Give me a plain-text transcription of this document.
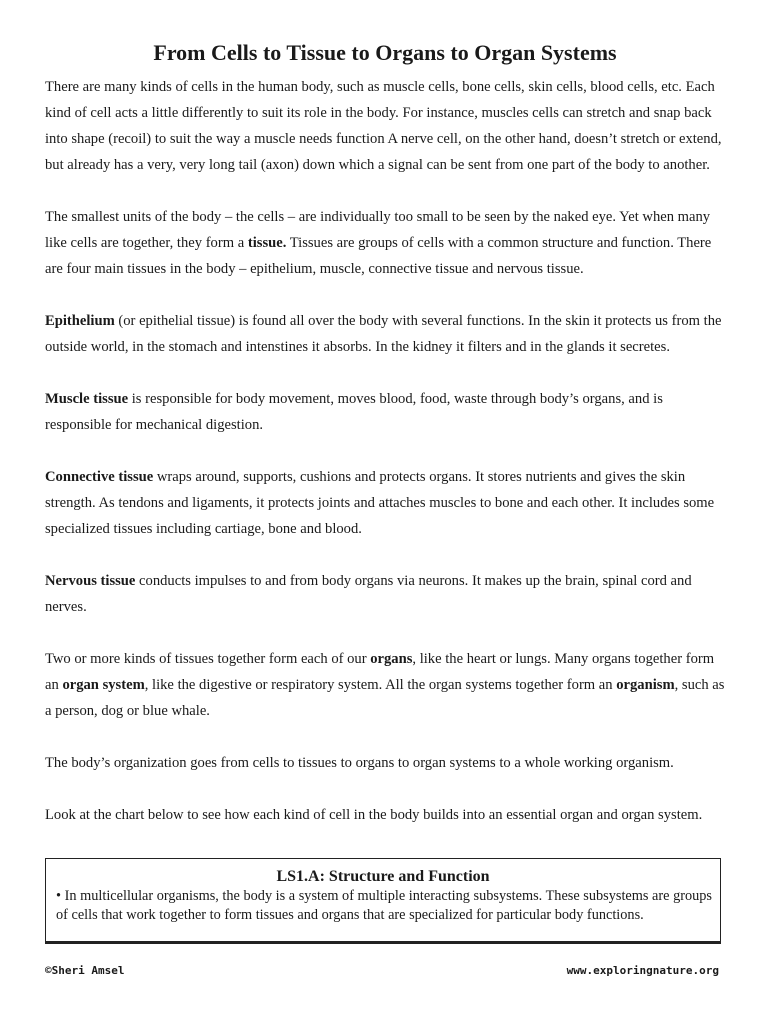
From Cells to Tissue to Organs to Organ Systems

There are many kinds of cells in the human body, such as muscle cells, bone cells, skin cells, blood cells, etc. Each kind of cell acts a little differently to suit its role in the body. For instance, muscles cells can stretch and snap back into shape (recoil) to suit the way a muscle needs function A nerve cell, on the other hand, doesn’t stretch or extend, but already has a very, very long tail (axon) down which a signal can be sent from one part of the body to another.

The smallest units of the body – the cells – are individually too small to be seen by the naked eye. Yet when many like cells are together, they form a tissue. Tissues are groups of cells with a common structure and function. There are four main tissues in the body – epithelium, muscle, connective tissue and nervous tissue.

Epithelium (or epithelial tissue) is found all over the body with several functions. In the skin it protects us from the outside world, in the stomach and intenstines it absorbs. In the kidney it filters and in the glands it secretes.

Muscle tissue is responsible for body movement, moves blood, food, waste through body’s organs, and is responsible for mechanical digestion.

Connective tissue wraps around, supports, cushions and protects organs. It stores nutrients and gives the skin strength. As tendons and ligaments, it protects joints and attaches muscles to bone and each other. It includes some specialized tissues including cartiage, bone and blood.

Nervous tissue conducts impulses to and from body organs via neurons. It makes up the brain, spinal cord and nerves.

Two or more kinds of tissues together form each of our organs, like the heart or lungs. Many organs together form an organ system, like the digestive or respiratory system. All the organ systems together form an organism, such as a person, dog or blue whale.

The body’s organization goes from cells to tissues to organs to organ systems to a whole working organism.

Look at the chart below to see how each kind of cell in the body builds into an essential organ and organ system.

LS1.A: Structure and Function
• In multicellular organisms, the body is a system of multiple interacting subsystems. These subsystems are groups of cells that work together to form tissues and organs that are specialized for particular body functions.
©Sheri Amsel	www.exploringnature.org
